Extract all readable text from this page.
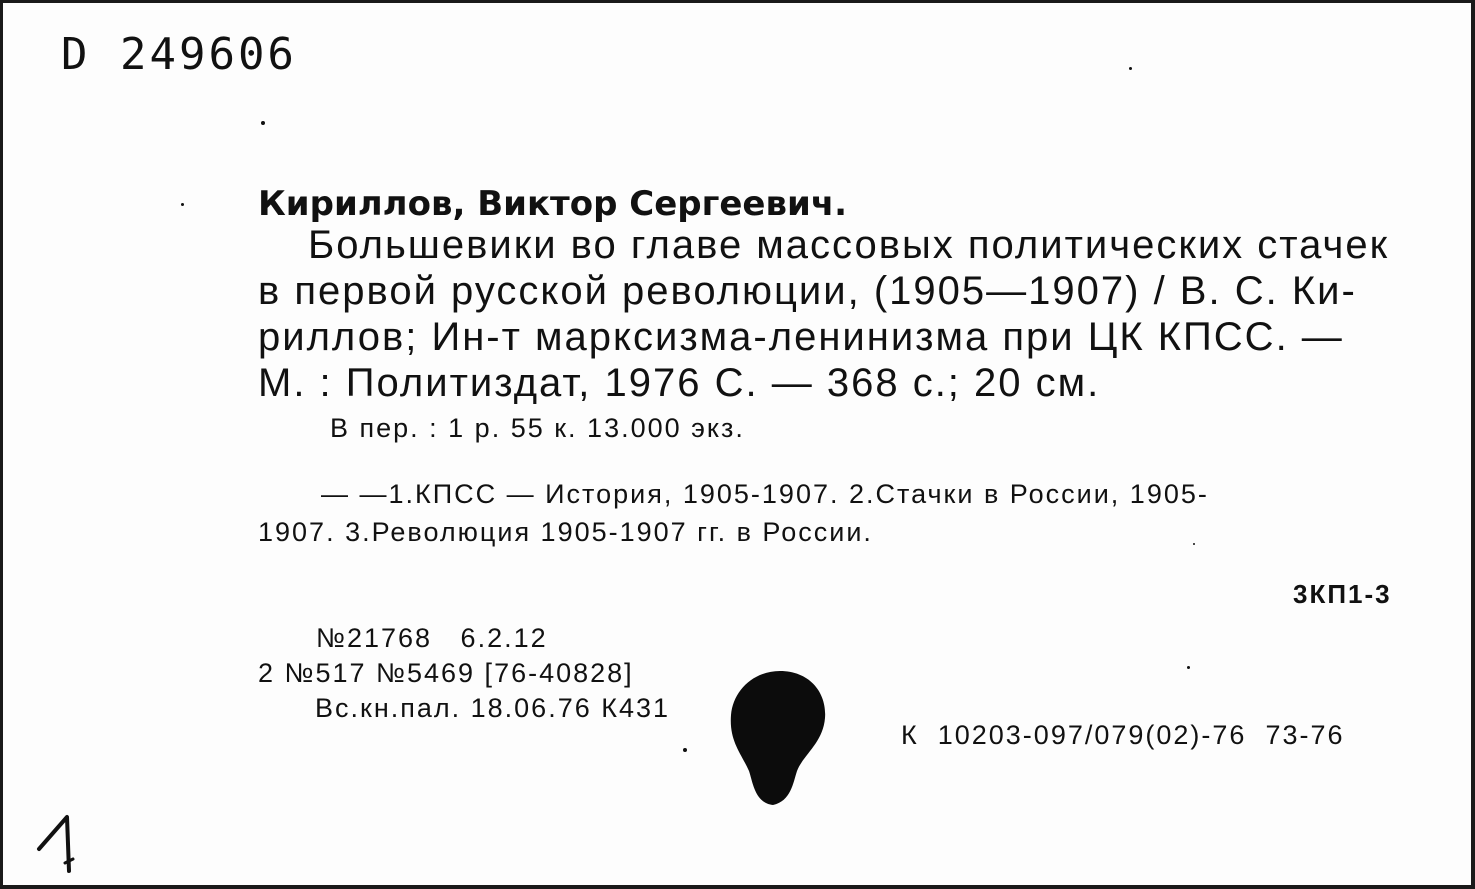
D 249606
Кириллов, Виктор Сергеевич.
Большевики во главе массовых политических стачек
в первой русской революции, (1905—1907) / В. С. Ки-
риллов; Ин-т марксизма-ленинизма при ЦК КПСС. —
М. : Политиздат, 1976 С. — 368 с.; 20 см.
В пер. : 1 р. 55 к. 13.000 экз.
— —1.КПСС — История, 1905-1907. 2.Стачки в России, 1905-
1907. 3.Революция 1905-1907 гг. в России.
3КП1-3
№21768   6.2.12
2 №517 №5469 [76-40828]
Вс.кн.пал. 18.06.76 К431
К  10203-097/079(02)-76  73-76
